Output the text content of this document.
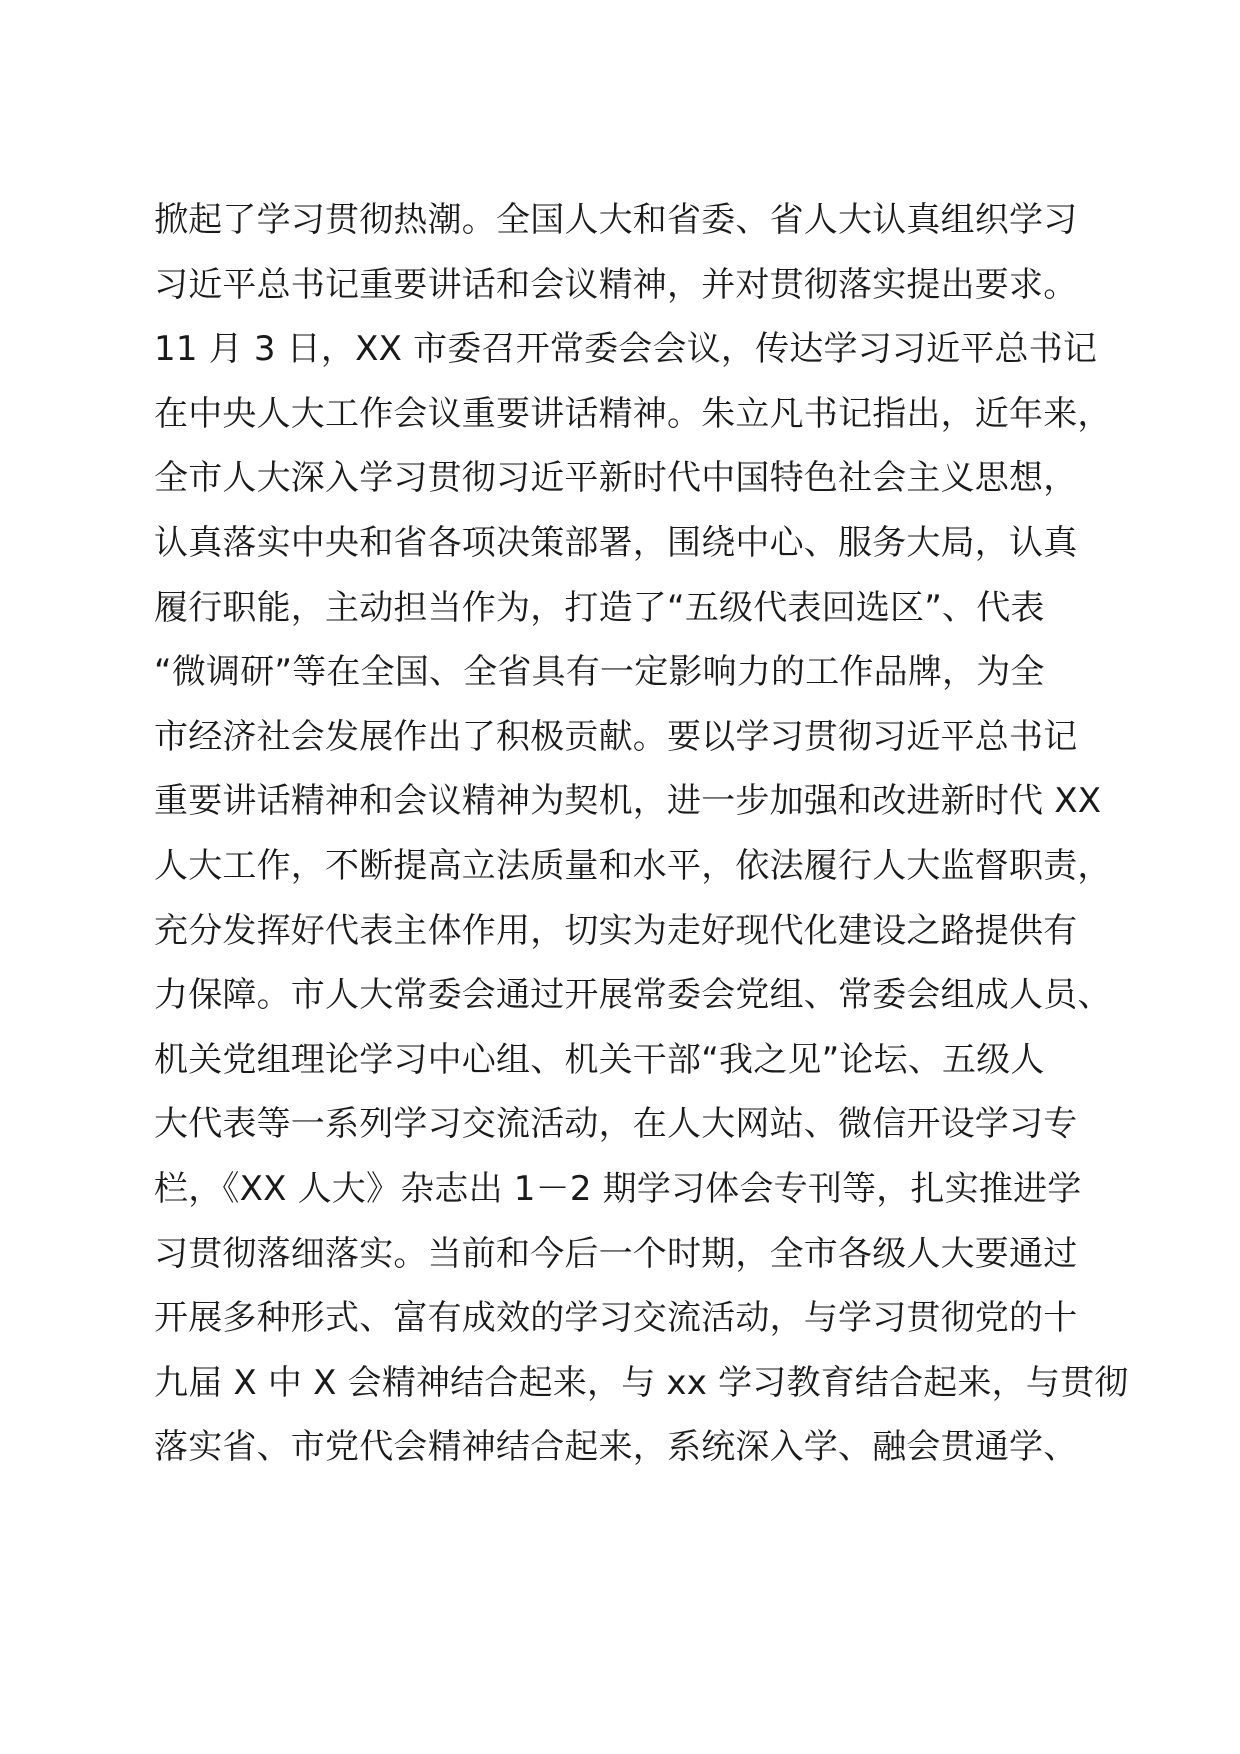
掀起了学习贯彻热潮。全国人大和省委、省人大认真组织学习
习近平总书记重要讲话和会议精神，并对贯彻落实提出要求。
11 月 3 日，XX 市委召开常委会会议，传达学习习近平总书记
在中央人大工作会议重要讲话精神。朱立凡书记指出，近年来，
全市人大深入学习贯彻习近平新时代中国特色社会主义思想，
认真落实中央和省各项决策部署，围绕中心、服务大局，认真
履行职能，主动担当作为，打造了“五级代表回选区”、代表
“微调研”等在全国、全省具有一定影响力的工作品牌，为全
市经济社会发展作出了积极贡献。要以学习贯彻习近平总书记
重要讲话精神和会议精神为契机，进一步加强和改进新时代 XX
人大工作，不断提高立法质量和水平，依法履行人大监督职责，
充分发挥好代表主体作用，切实为走好现代化建设之路提供有
力保障。市人大常委会通过开展常委会党组、常委会组成人员、
机关党组理论学习中心组、机关干部“我之见”论坛、五级人
大代表等一系列学习交流活动，在人大网站、微信开设学习专
栏，《XX 人大》杂志出 1－2 期学习体会专刊等，扎实推进学
习贯彻落细落实。当前和今后一个时期，全市各级人大要通过
开展多种形式、富有成效的学习交流活动，与学习贯彻党的十
九届 X 中 X 会精神结合起来，与 xx 学习教育结合起来，与贯彻
落实省、市党代会精神结合起来，系统深入学、融会贯通学、
